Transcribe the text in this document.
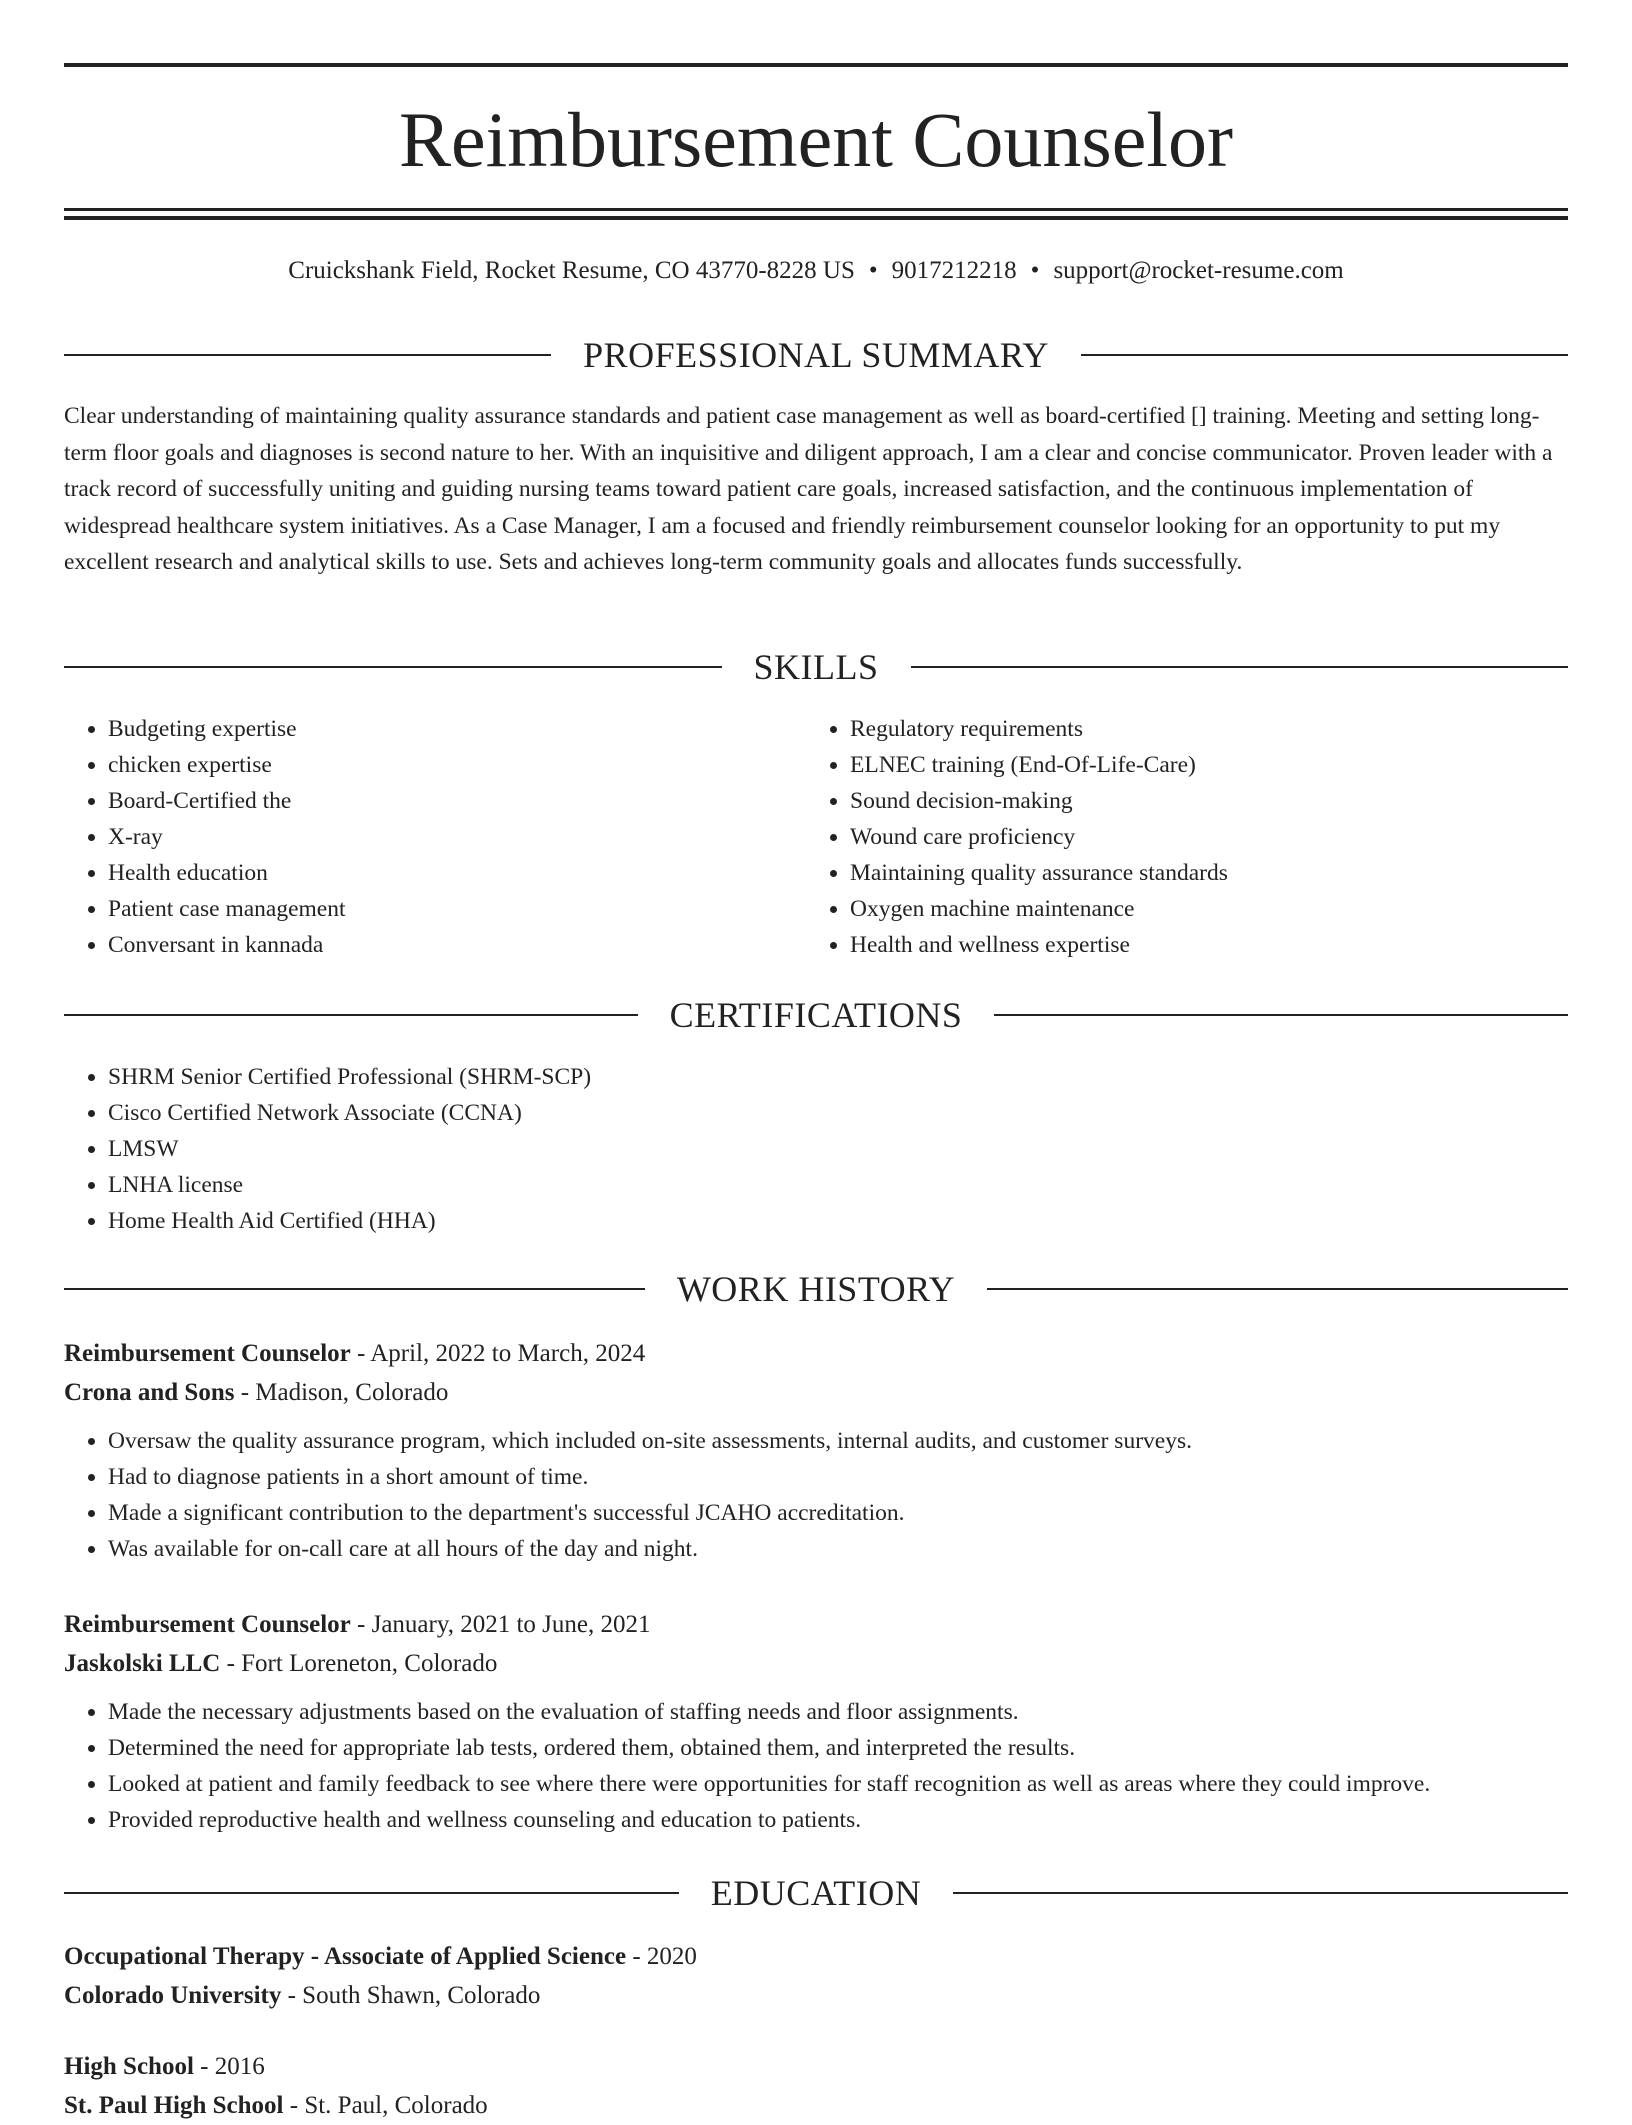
Reimbursement Counselor
Cruickshank Field, Rocket Resume, CO 43770-8228 US • 9017212218 • support@rocket-resume.com
PROFESSIONAL SUMMARY

Clear understanding of maintaining quality assurance standards and patient case management as well as board-certified [] training. Meeting and setting long-term floor goals and diagnoses is second nature to her. With an inquisitive and diligent approach, I am a clear and concise communicator. Proven leader with a track record of successfully uniting and guiding nursing teams toward patient care goals, increased satisfaction, and the continuous implementation of widespread healthcare system initiatives. As a Case Manager, I am a focused and friendly reimbursement counselor looking for an opportunity to put my excellent research and analytical skills to use. Sets and achieves long-term community goals and allocates funds successfully.

SKILLS
• Budgeting expertise
• chicken expertise
• Board-Certified the
• X-ray
• Health education
• Patient case management
• Conversant in kannada
• Regulatory requirements
• ELNEC training (End-Of-Life-Care)
• Sound decision-making
• Wound care proficiency
• Maintaining quality assurance standards
• Oxygen machine maintenance
• Health and wellness expertise
CERTIFICATIONS
• SHRM Senior Certified Professional (SHRM-SCP)
• Cisco Certified Network Associate (CCNA)
• LMSW
• LNHA license
• Home Health Aid Certified (HHA)
WORK HISTORY
Reimbursement Counselor - April, 2022 to March, 2024
Crona and Sons - Madison, Colorado
• Oversaw the quality assurance program, which included on-site assessments, internal audits, and customer surveys.
• Had to diagnose patients in a short amount of time.
• Made a significant contribution to the department's successful JCAHO accreditation.
• Was available for on-call care at all hours of the day and night.
Reimbursement Counselor - January, 2021 to June, 2021
Jaskolski LLC - Fort Loreneton, Colorado
• Made the necessary adjustments based on the evaluation of staffing needs and floor assignments.
• Determined the need for appropriate lab tests, ordered them, obtained them, and interpreted the results.
• Looked at patient and family feedback to see where there were opportunities for staff recognition as well as areas where they could improve.
• Provided reproductive health and wellness counseling and education to patients.
EDUCATION
Occupational Therapy - Associate of Applied Science - 2020
Colorado University - South Shawn, Colorado
High School - 2016
St. Paul High School - St. Paul, Colorado
